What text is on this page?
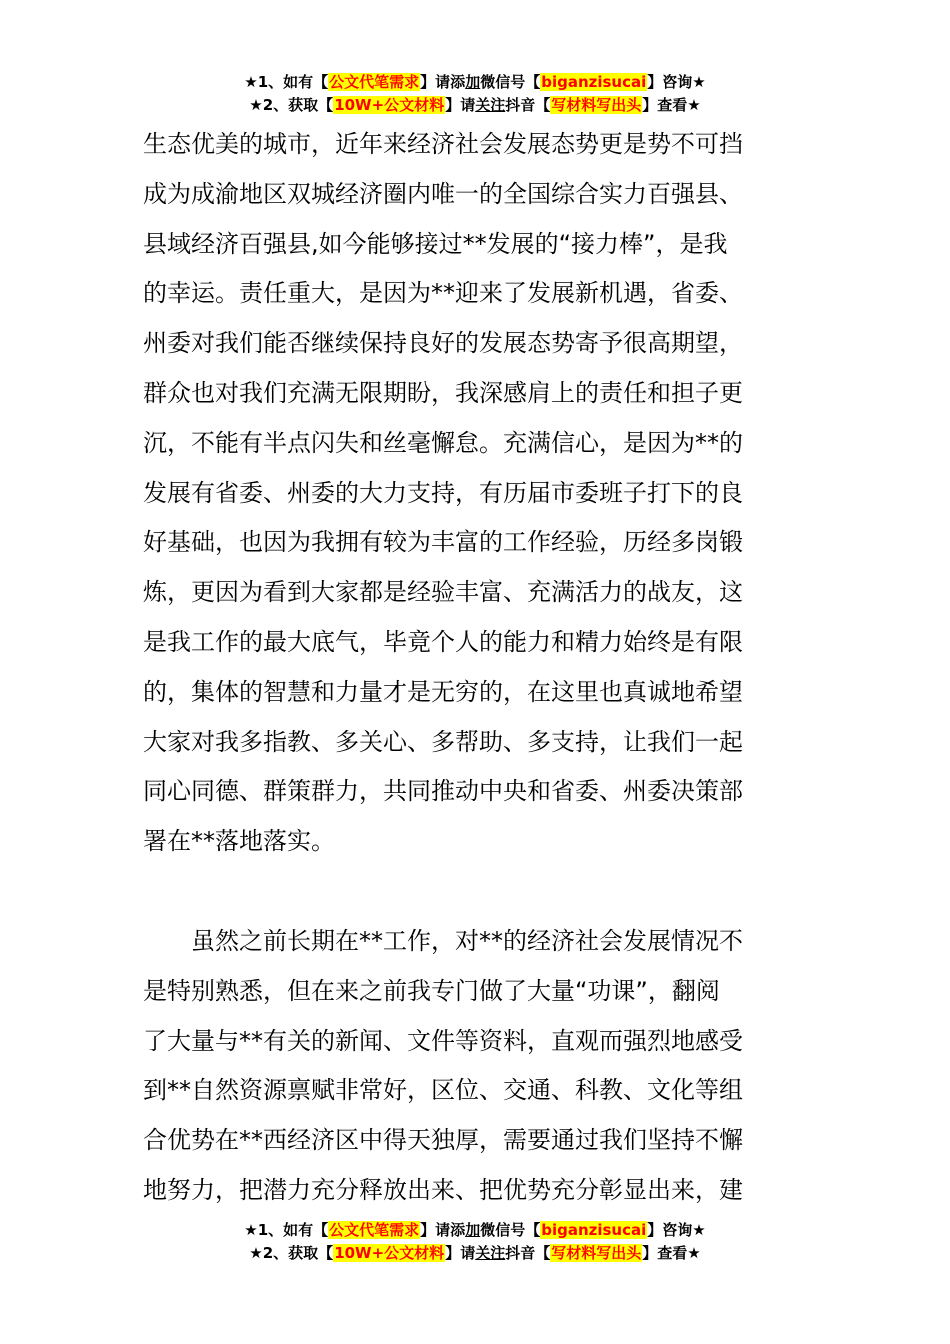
★1、如有【公文代笔需求】请添加微信号【biganzisucai】咨询★
★2、获取【10W+公文材料】请关注抖音【写材料写出头】查看★
生态优美的城市，近年来经济社会发展态势更是势不可挡
成为成渝地区双城经济圈内唯一的全国综合实力百强县、
县域经济百强县,如今能够接过**发展的“接力棒”，是我
的幸运。责任重大，是因为**迎来了发展新机遇，省委、
州委对我们能否继续保持良好的发展态势寄予很高期望，
群众也对我们充满无限期盼，我深感肩上的责任和担子更
沉，不能有半点闪失和丝毫懈怠。充满信心，是因为**的
发展有省委、州委的大力支持，有历届市委班子打下的良
好基础，也因为我拥有较为丰富的工作经验，历经多岗锻
炼，更因为看到大家都是经验丰富、充满活力的战友，这
是我工作的最大底气，毕竟个人的能力和精力始终是有限
的，集体的智慧和力量才是无穷的，在这里也真诚地希望
大家对我多指教、多关心、多帮助、多支持，让我们一起
同心同德、群策群力，共同推动中央和省委、州委决策部
署在**落地落实。
　　虽然之前长期在**工作，对**的经济社会发展情况不
是特别熟悉，但在来之前我专门做了大量“功课”，翻阅
了大量与**有关的新闻、文件等资料，直观而强烈地感受
到**自然资源禀赋非常好，区位、交通、科教、文化等组
合优势在**西经济区中得天独厚，需要通过我们坚持不懈
地努力，把潜力充分释放出来、把优势充分彰显出来，建
★1、如有【公文代笔需求】请添加微信号【biganzisucai】咨询★
★2、获取【10W+公文材料】请关注抖音【写材料写出头】查看★
